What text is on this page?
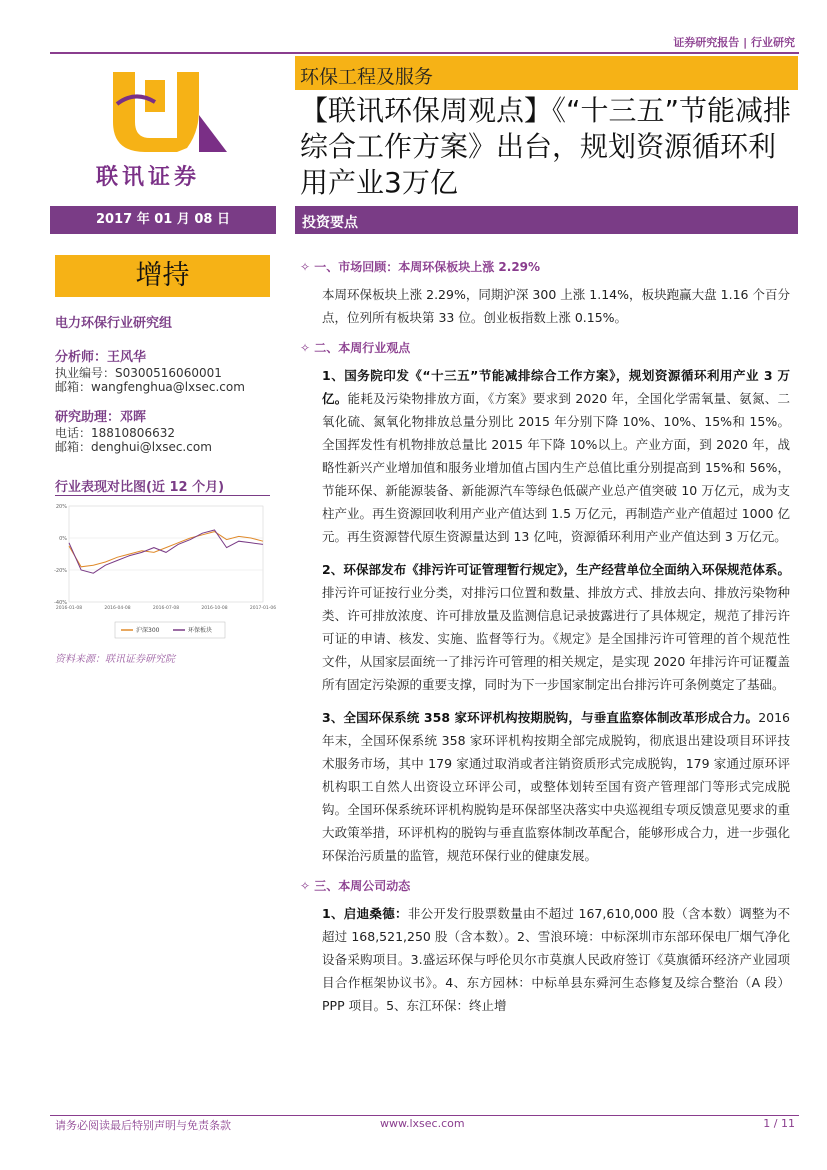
证券研究报告 | 行业研究
联讯证券
环保工程及服务
【联讯环保周观点】《“十三五”节能减排综合工作方案》出台，规划资源循环利用产业3万亿
2017 年 01 月 08 日	投资要点
增持
电力环保行业研究组
分析师：王风华
执业编号：S0300516060001
邮箱：wangfenghua@lxsec.com
研究助理：邓晖
电话：18810806632
邮箱：denghui@lxsec.com
行业表现对比图(近 12 个月)
20%
0%
-20%
-40%
2016-01-08	2016-04-08	2016-07-08	2016-10-08	2017-01-06
沪深300	环保板块
资料来源：联讯证券研究院
✧ 一、市场回顾：本周环保板块上涨 2.29%
本周环保板块上涨 2.29%，同期沪深 300 上涨 1.14%，板块跑赢大盘 1.16 个百分点，位列所有板块第 33 位。创业板指数上涨 0.15%。
✧ 二、本周行业观点
1、国务院印发《“十三五”节能减排综合工作方案》，规划资源循环利用产业 3 万亿。能耗及污染物排放方面，《方案》要求到 2020 年，全国化学需氧量、氨氮、二氧化硫、氮氧化物排放总量分别比 2015 年分别下降 10%、10%、15%和 15%。全国挥发性有机物排放总量比 2015 年下降 10%以上。产业方面，到 2020 年，战略性新兴产业增加值和服务业增加值占国内生产总值比重分别提高到 15%和 56%，节能环保、新能源装备、新能源汽车等绿色低碳产业总产值突破 10 万亿元，成为支柱产业。再生资源回收利用产业产值达到 1.5 万亿元，再制造产业产值超过 1000 亿元。再生资源替代原生资源量达到 13 亿吨，资源循环利用产业产值达到 3 万亿元。
2、环保部发布《排污许可证管理暂行规定》，生产经营单位全面纳入环保规范体系。排污许可证按行业分类，对排污口位置和数量、排放方式、排放去向、排放污染物种类、许可排放浓度、许可排放量及监测信息记录披露进行了具体规定，规范了排污许可证的申请、核发、实施、监督等行为。《规定》是全国排污许可管理的首个规范性文件，从国家层面统一了排污许可管理的相关规定，是实现 2020 年排污许可证覆盖所有固定污染源的重要支撑，同时为下一步国家制定出台排污许可条例奠定了基础。
3、全国环保系统 358 家环评机构按期脱钩，与垂直监察体制改革形成合力。2016 年末，全国环保系统 358 家环评机构按期全部完成脱钩，彻底退出建设项目环评技术服务市场，其中 179 家通过取消或者注销资质形式完成脱钩，179 家通过原环评机构职工自然人出资设立环评公司，或整体划转至国有资产管理部门等形式完成脱钩。全国环保系统环评机构脱钩是环保部坚决落实中央巡视组专项反馈意见要求的重大政策举措，环评机构的脱钩与垂直监察体制改革配合，能够形成合力，进一步强化环保治污质量的监管，规范环保行业的健康发展。
✧ 三、本周公司动态
1、启迪桑德：非公开发行股票数量由不超过 167,610,000 股（含本数）调整为不超过 168,521,250 股（含本数）。2、雪浪环境：中标深圳市东部环保电厂烟气净化设备采购项目。3.盛运环保与呼伦贝尔市莫旗人民政府签订《莫旗循环经济产业园项目合作框架协议书》。4、东方园林：中标单县东舜河生态修复及综合整治（A 段）PPP 项目。5、东江环保：终止增
请务必阅读最后特别声明与免责条款	www.lxsec.com	1 / 11
